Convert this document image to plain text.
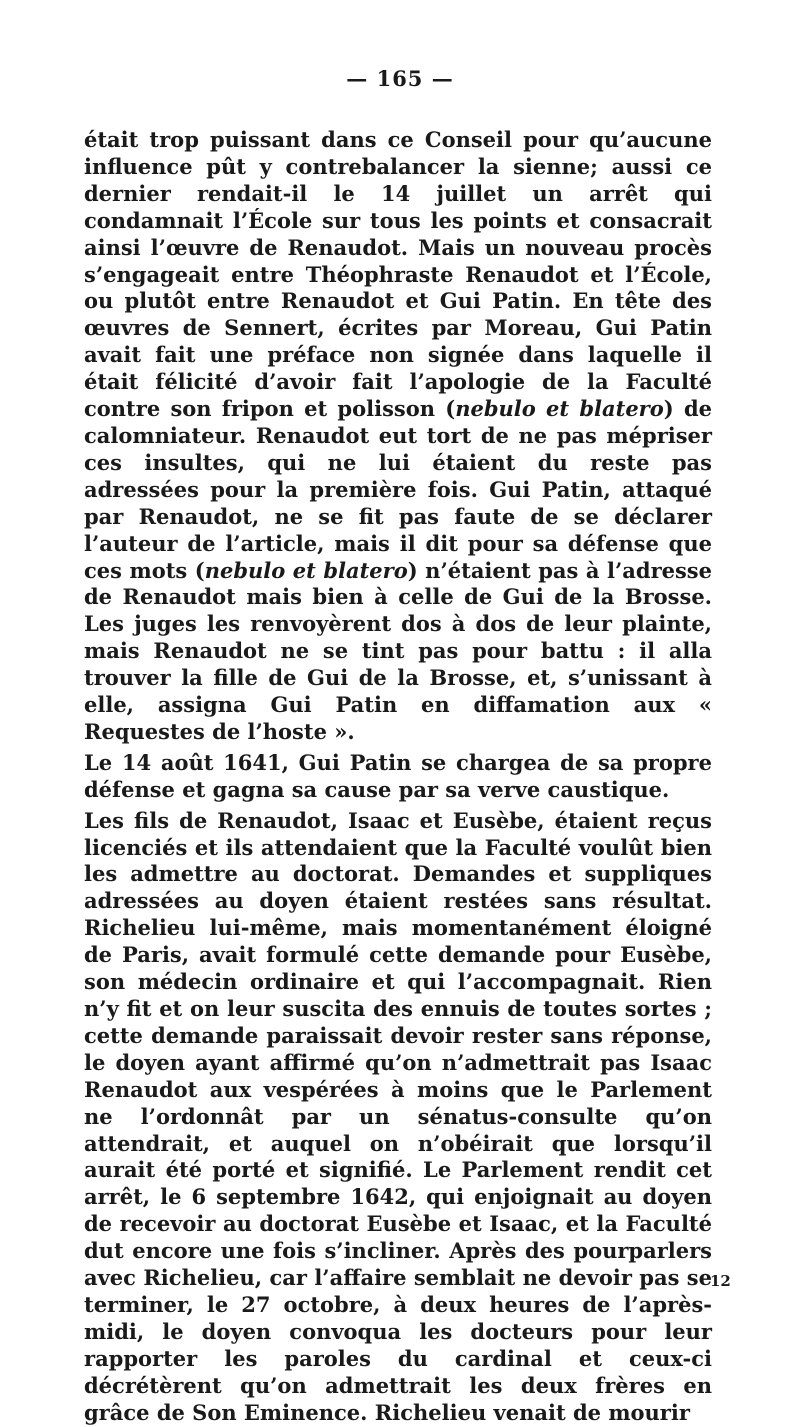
— 165 —

était trop puissant dans ce Conseil pour qu’aucune influence pût y contrebalancer la sienne; aussi ce dernier rendait-il le 14 juillet un arrêt qui condamnait l’École sur tous les points et consacrait ainsi l’œuvre de Renaudot. Mais un nouveau procès s’engageait entre Théophraste Renaudot et l’École, ou plutôt entre Renaudot et Gui Patin. En tête des œuvres de Sennert, écrites par Moreau, Gui Patin avait fait une préface non signée dans laquelle il était félicité d’avoir fait l’apologie de la Faculté contre son fripon et polisson (nebulo et blatero) de calomniateur. Renaudot eut tort de ne pas mépriser ces insultes, qui ne lui étaient du reste pas adressées pour la première fois. Gui Patin, attaqué par Renaudot, ne se fit pas faute de se déclarer l’auteur de l’article, mais il dit pour sa défense que ces mots (nebulo et blatero) n’étaient pas à l’adresse de Renaudot mais bien à celle de Gui de la Brosse. Les juges les renvoyèrent dos à dos de leur plainte, mais Renaudot ne se tint pas pour battu : il alla trouver la fille de Gui de la Brosse, et, s’unissant à elle, assigna Gui Patin en diffamation aux « Requestes de l’hoste ».

Le 14 août 1641, Gui Patin se chargea de sa propre défense et gagna sa cause par sa verve caustique.

Les fils de Renaudot, Isaac et Eusèbe, étaient reçus licenciés et ils attendaient que la Faculté voulût bien les admettre au doctorat. Demandes et suppliques adressées au doyen étaient restées sans résultat. Richelieu lui-même, mais momentanément éloigné de Paris, avait formulé cette demande pour Eusèbe, son médecin ordinaire et qui l’accompagnait. Rien n’y fit et on leur suscita des ennuis de toutes sortes ; cette demande paraissait devoir rester sans réponse, le doyen ayant affirmé qu’on n’admettrait pas Isaac Renaudot aux vespérées à moins que le Parlement ne l’ordonnât par un sénatus-consulte qu’on attendrait, et auquel on n’obéirait que lorsqu’il aurait été porté et signifié. Le Parlement rendit cet arrêt, le 6 septembre 1642, qui enjoignait au doyen de recevoir au doctorat Eusèbe et Isaac, et la Faculté dut encore une fois s’incliner. Après des pourparlers avec Richelieu, car l’affaire semblait ne devoir pas se terminer, le 27 octobre, à deux heures de l’après-midi, le doyen convoqua les docteurs pour leur rapporter les paroles du cardinal et ceux-ci décrétèrent qu’on admettrait les deux frères en grâce de Son Eminence. Richelieu venait de mourir

12
